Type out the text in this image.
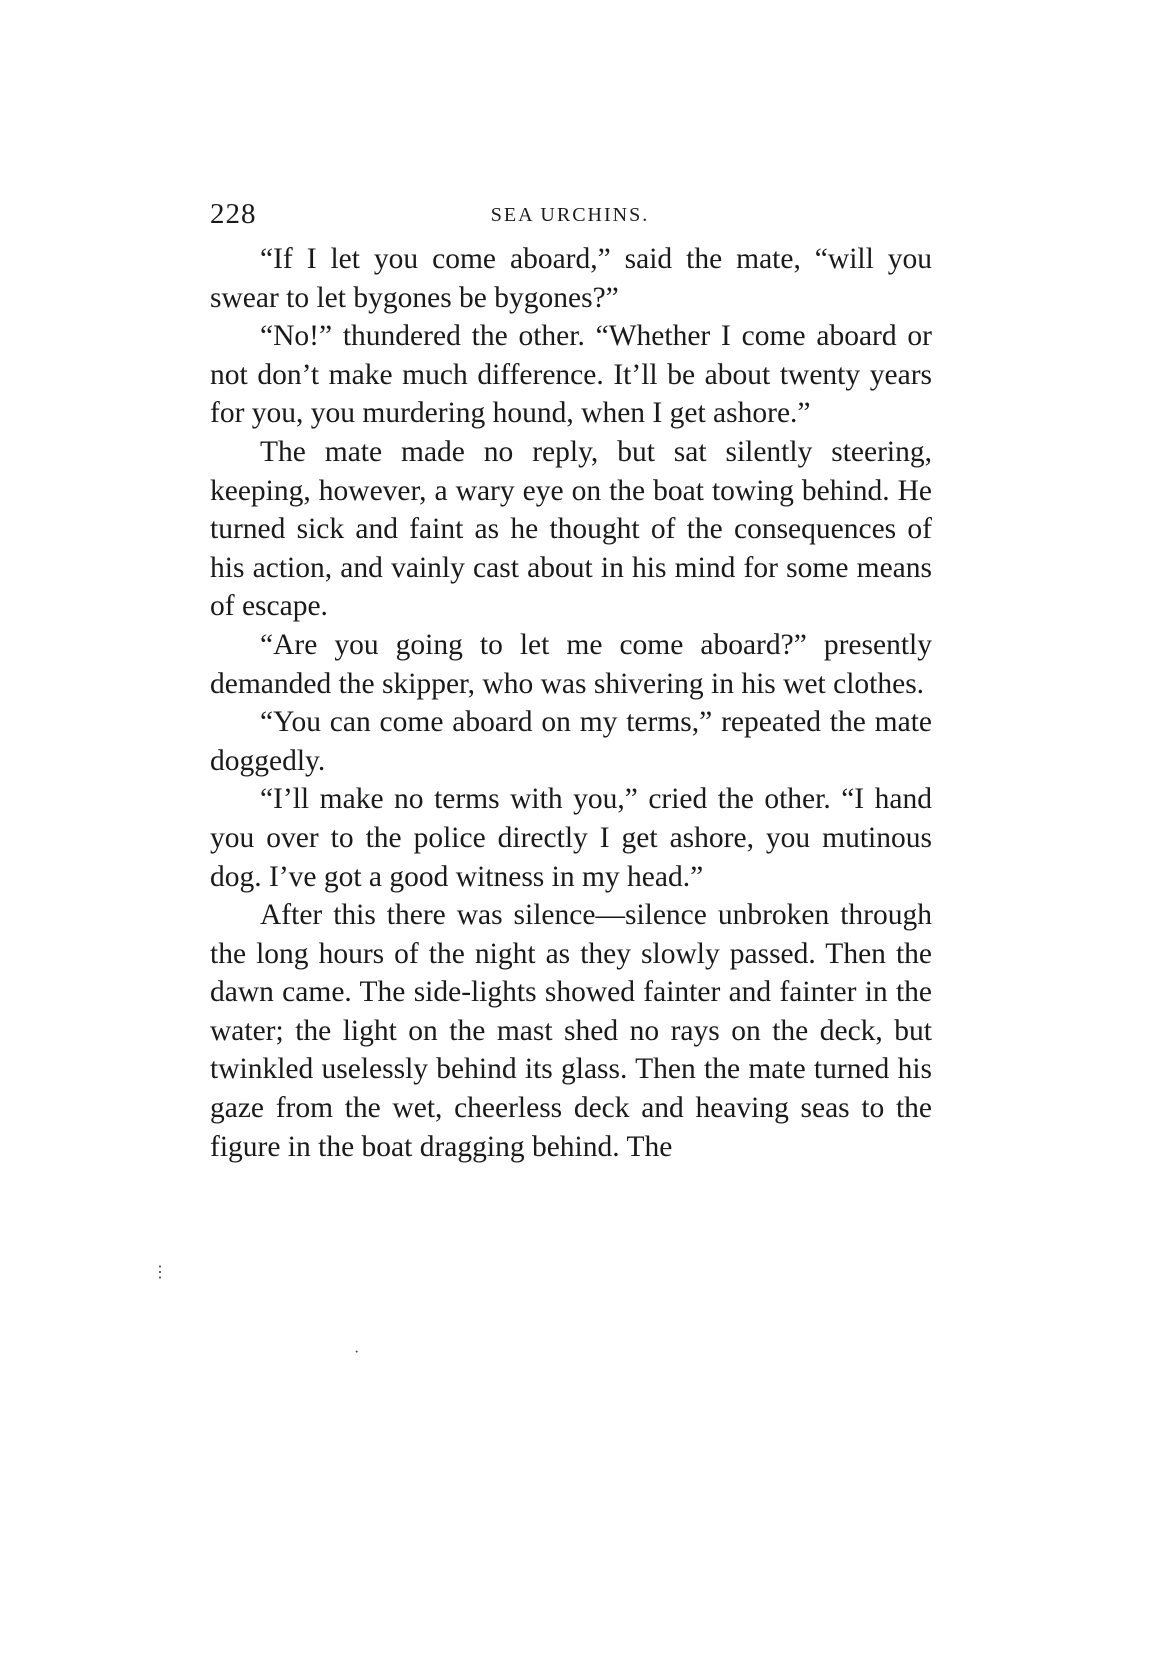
228	SEA URCHINS.

“If I let you come aboard,” said the mate, “will you swear to let bygones be bygones?”

“No!” thundered the other. “Whether I come aboard or not don’t make much difference. It’ll be about twenty years for you, you murdering hound, when I get ashore.”

The mate made no reply, but sat silently steering, keeping, however, a wary eye on the boat towing behind. He turned sick and faint as he thought of the consequences of his action, and vainly cast about in his mind for some means of escape.

“Are you going to let me come aboard?” presently demanded the skipper, who was shivering in his wet clothes.

“You can come aboard on my terms,” repeated the mate doggedly.

“I’ll make no terms with you,” cried the other. “I hand you over to the police directly I get ashore, you mutinous dog. I’ve got a good witness in my head.”

After this there was silence—silence unbroken through the long hours of the night as they slowly passed. Then the dawn came. The side-lights showed fainter and fainter in the water; the light on the mast shed no rays on the deck, but twinkled uselessly behind its glass. Then the mate turned his gaze from the wet, cheerless deck and heaving seas to the figure in the boat dragging behind. The

⋮
·
